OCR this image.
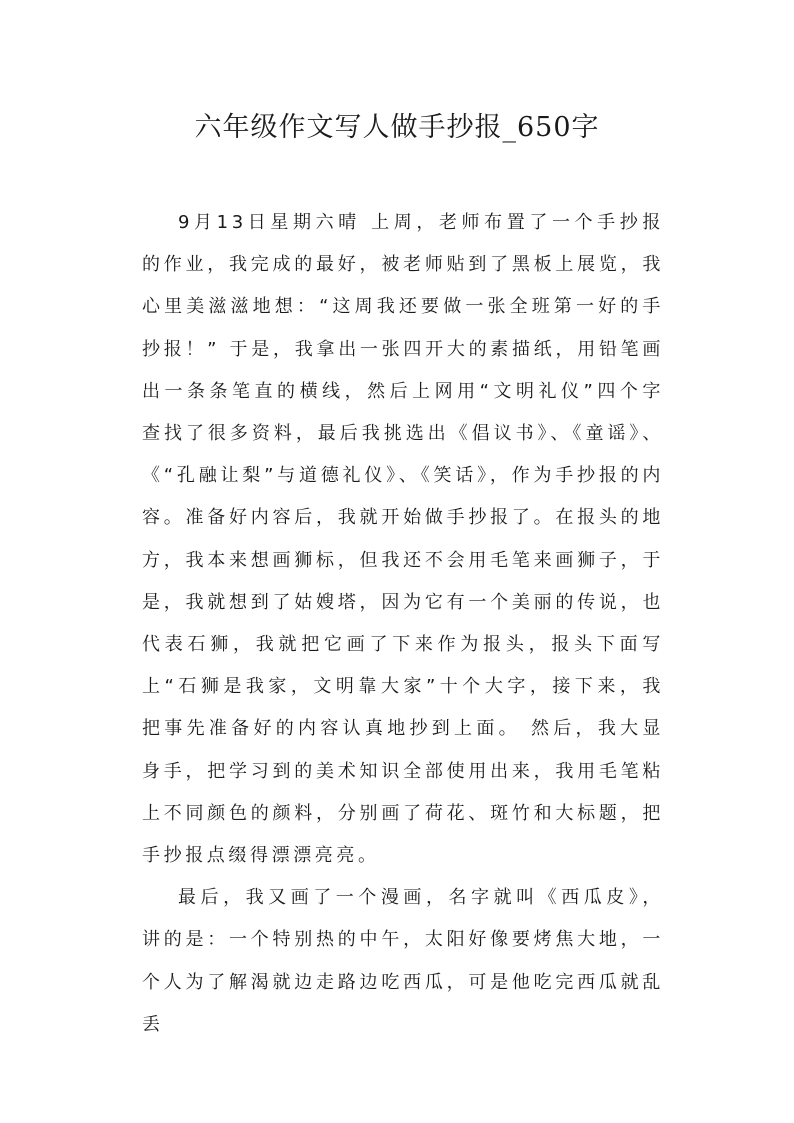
六年级作文写人做手抄报_650字

9月13日星期六晴 上周，老师布置了一个手抄报的作业，我完成的最好，被老师贴到了黑板上展览，我心里美滋滋地想：“这周我还要做一张全班第一好的手抄报！” 于是，我拿出一张四开大的素描纸，用铅笔画出一条条笔直的横线，然后上网用“文明礼仪”四个字查找了很多资料，最后我挑选出《倡议书》、《童谣》、《“孔融让梨”与道德礼仪》、《笑话》，作为手抄报的内容。准备好内容后，我就开始做手抄报了。在报头的地方，我本来想画狮标，但我还不会用毛笔来画狮子，于是，我就想到了姑嫂塔，因为它有一个美丽的传说，也代表石狮，我就把它画了下来作为报头，报头下面写上“石狮是我家，文明靠大家”十个大字，接下来，我把事先准备好的内容认真地抄到上面。 然后，我大显身手，把学习到的美术知识全部使用出来，我用毛笔粘上不同颜色的颜料，分别画了荷花、斑竹和大标题，把手抄报点缀得漂漂亮亮。

最后，我又画了一个漫画，名字就叫《西瓜皮》，讲的是：一个特别热的中午，太阳好像要烤焦大地，一个人为了解渴就边走路边吃西瓜，可是他吃完西瓜就乱丢
